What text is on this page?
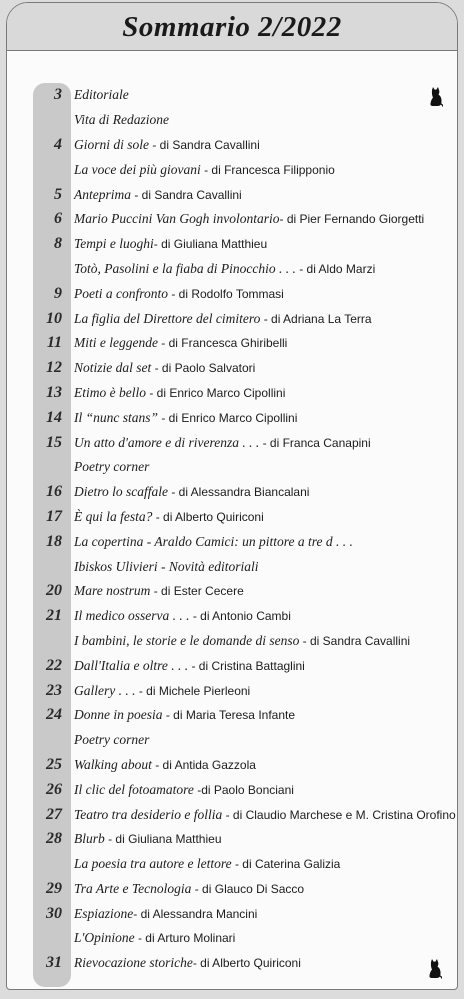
Sommario 2/2022
3 Editoriale
Vita di Redazione
4 Giorni di sole - di Sandra Cavallini
La voce dei più giovani - di Francesca Filipponio
5 Anteprima - di Sandra Cavallini
6 Mario Puccini Van Gogh involontario- di Pier Fernando Giorgetti
8 Tempi e luoghi- di Giuliana Matthieu
Totò, Pasolini e la fiaba di Pinocchio . . . - di Aldo Marzi
9 Poeti a confronto - di Rodolfo Tommasi
10 La figlia del Direttore del cimitero - di Adriana La Terra
11 Miti e leggende - di Francesca Ghiribelli
12 Notizie dal set - di Paolo Salvatori
13 Etimo è bello - di Enrico Marco Cipollini
14 Il “nunc stans” - di Enrico Marco Cipollini
15 Un atto d'amore e di riverenza . . . - di Franca Canapini
Poetry corner
16 Dietro lo scaffale - di Alessandra Biancalani
17 È qui la festa? - di Alberto Quiriconi
18 La copertina - Araldo Camici: un pittore a tre d . . .
Ibiskos Ulivieri - Novità editoriali
20 Mare nostrum - di Ester Cecere
21 Il medico osserva . . . - di Antonio Cambi
I bambini, le storie e le domande di senso - di Sandra Cavallini
22 Dall'Italia e oltre . . . - di Cristina Battaglini
23 Gallery . . . - di Michele Pierleoni
24 Donne in poesia - di Maria Teresa Infante
Poetry corner
25 Walking about - di Antida Gazzola
26 Il clic del fotoamatore -di Paolo Bonciani
27 Teatro tra desiderio e follia - di Claudio Marchese e M. Cristina Orofino
28 Blurb - di Giuliana Matthieu
La poesia tra autore e lettore - di Caterina Galizia
29 Tra Arte e Tecnologia - di Glauco Di Sacco
30 Espiazione- di Alessandra Mancini
L'Opinione - di Arturo Molinari
31 Rievocazione storiche- di Alberto Quiriconi
